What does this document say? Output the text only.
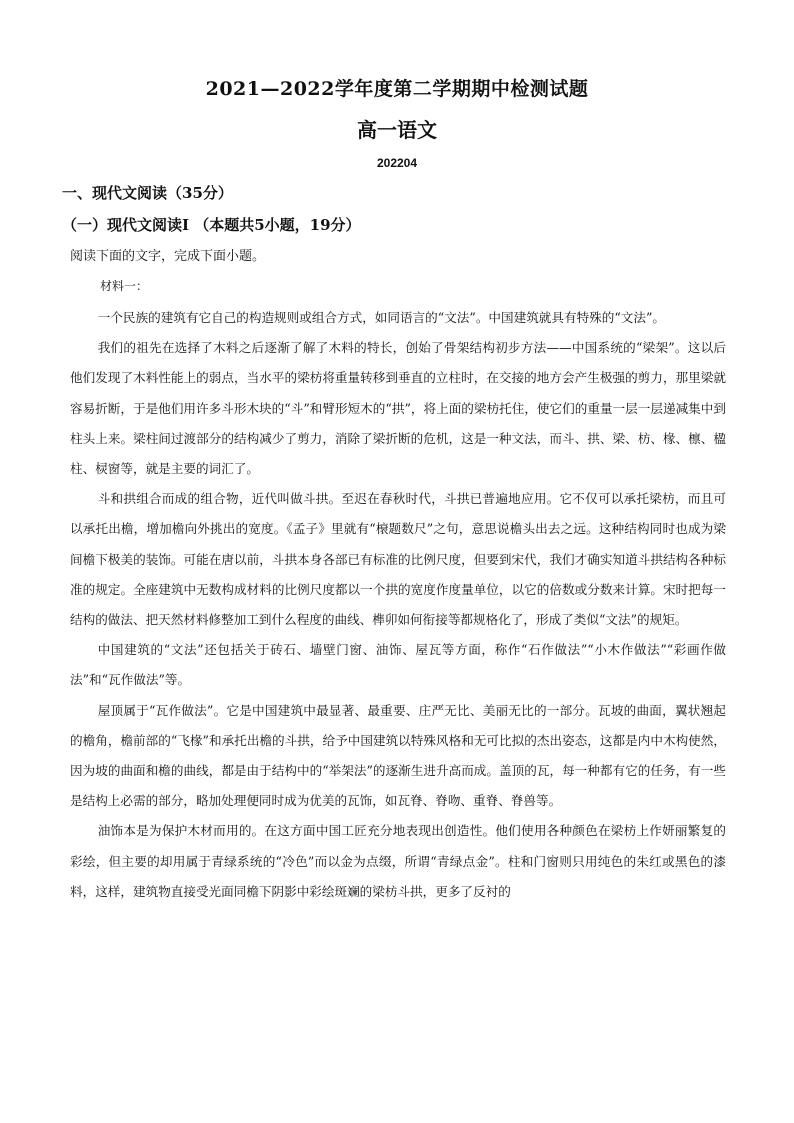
2021—2022学年度第二学期期中检测试题
高一语文
202204
一、现代文阅读（35分）
（一）现代文阅读Ⅰ （本题共5小题，19分）
阅读下面的文字，完成下面小题。
材料一：

一个民族的建筑有它自己的构造规则或组合方式，如同语言的“文法”。中国建筑就具有特殊的“文法”。

我们的祖先在选择了木料之后逐渐了解了木料的特长，创始了骨架结构初步方法——中国系统的“梁架”。这以后他们发现了木料性能上的弱点，当水平的梁枋将重量转移到垂直的立柱时，在交接的地方会产生极强的剪力，那里梁就容易折断，于是他们用许多斗形木块的“斗”和臂形短木的“拱”，将上面的梁枋托住，使它们的重量一层一层递减集中到柱头上来。梁柱间过渡部分的结构减少了剪力，消除了梁折断的危机，这是一种文法，而斗、拱、梁、枋、椽、檩、楹柱、棂窗等，就是主要的词汇了。

斗和拱组合而成的组合物，近代叫做斗拱。至迟在春秋时代，斗拱已普遍地应用。它不仅可以承托梁枋，而且可以承托出檐，增加檐向外挑出的宽度。《孟子》里就有“榱题数尺”之句，意思说檐头出去之远。这种结构同时也成为梁间檐下极美的装饰。可能在唐以前，斗拱本身各部已有标准的比例尺度，但要到宋代，我们才确实知道斗拱结构各种标准的规定。全座建筑中无数构成材料的比例尺度都以一个拱的宽度作度量单位，以它的倍数或分数来计算。宋时把每一结构的做法、把天然材料修整加工到什么程度的曲线、榫卯如何衔接等都规格化了，形成了类似“文法”的规矩。

中国建筑的“文法”还包括关于砖石、墙壁门窗、油饰、屋瓦等方面，称作“石作做法”“小木作做法”“彩画作做法”和“瓦作做法”等。

屋顶属于“瓦作做法”。它是中国建筑中最显著、最重要、庄严无比、美丽无比的一部分。瓦坡的曲面，翼状翘起的檐角，檐前部的“飞椽”和承托出檐的斗拱，给予中国建筑以特殊风格和无可比拟的杰出姿态，这都是内中木构使然，因为坡的曲面和檐的曲线，都是由于结构中的“举架法”的逐渐生进升高而成。盖顶的瓦，每一种都有它的任务，有一些是结构上必需的部分，略加处理便同时成为优美的瓦饰，如瓦脊、脊吻、重脊、脊兽等。

油饰本是为保护木材而用的。在这方面中国工匠充分地表现出创造性。他们使用各种颜色在梁枋上作妍丽繁复的彩绘，但主要的却用属于青绿系统的“冷色”而以金为点缀，所谓“青绿点金”。柱和门窗则只用纯色的朱红或黑色的漆料，这样，建筑物直接受光面同檐下阴影中彩绘斑斓的梁枋斗拱，更多了反衬的
